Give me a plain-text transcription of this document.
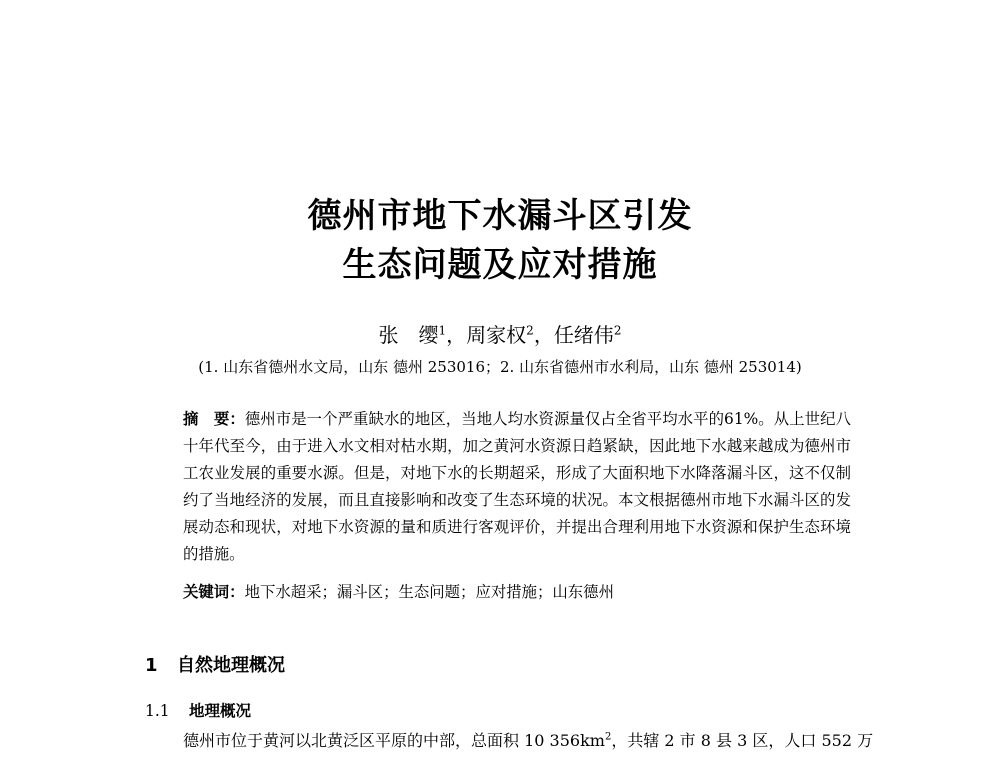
德州市地下水漏斗区引发
生态问题及应对措施
张　缨$^1$，周家权$^2$，任绪伟$^2$
(1. 山东省德州水文局，山东 德州 253016；2. 山东省德州市水利局，山东 德州 253014)
摘　要：德州市是一个严重缺水的地区，当地人均水资源量仅占全省平均水平的61%。从上世纪八十年代至今，由于进入水文相对枯水期，加之黄河水资源日趋紧缺，因此地下水越来越成为德州市工农业发展的重要水源。但是，对地下水的长期超采，形成了大面积地下水降落漏斗区，这不仅制约了当地经济的发展，而且直接影响和改变了生态环境的状况。本文根据德州市地下水漏斗区的发展动态和现状，对地下水资源的量和质进行客观评价，并提出合理利用地下水资源和保护生态环境的措施。
关键词：地下水超采；漏斗区；生态问题；应对措施；山东德州
1 自然地理概况
1.1 地理概况
德州市位于黄河以北黄泛区平原的中部，总面积 10 $356km^2$，共辖 2 市 8 县 3 区，人口 552 万
